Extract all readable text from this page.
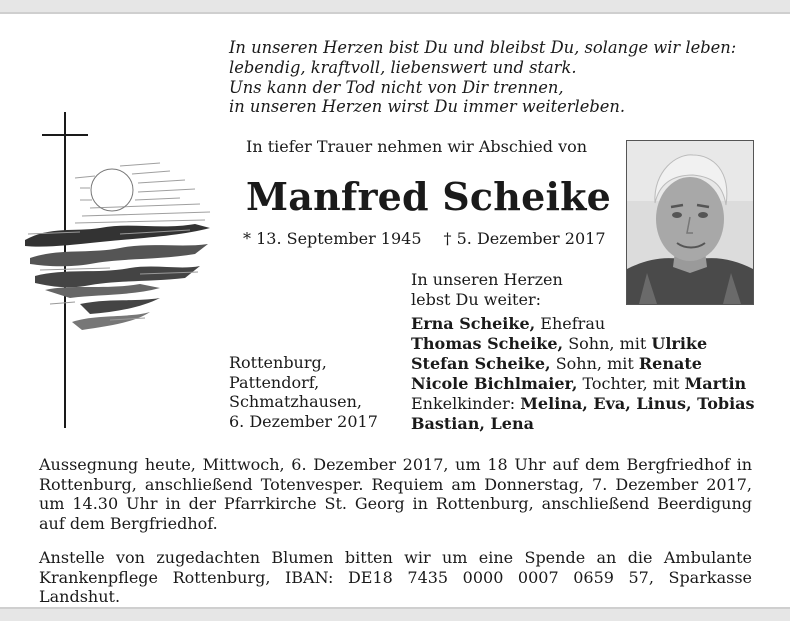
In unseren Herzen bist Du und bleibst Du, solange wir leben:
lebendig, kraftvoll, liebenswert und stark.
Uns kann der Tod nicht von Dir trennen,
in unseren Herzen wirst Du immer weiterleben.
In tiefer Trauer nehmen wir Abschied von
Manfred Scheike
* 13. September 1945 † 5. Dezember 2017
In unseren Herzen
lebst Du weiter:
Erna Scheike, Ehefrau
Thomas Scheike, Sohn, mit Ulrike
Stefan Scheike, Sohn, mit Renate
Nicole Bichlmaier, Tochter, mit Martin
Enkelkinder: Melina, Eva, Linus, Tobias
Bastian, Lena
Rottenburg,
Pattendorf,
Schmatzhausen,
6. Dezember 2017
Aussegnung heute, Mittwoch, 6. Dezember 2017, um 18 Uhr auf dem Bergfriedhof in Rottenburg, anschließend Totenvesper. Requiem am Donnerstag, 7. Dezember 2017, um 14.30 Uhr in der Pfarrkirche St. Georg in Rottenburg, anschließend Beerdigung auf dem Bergfriedhof.
Anstelle von zugedachten Blumen bitten wir um eine Spende an die Ambulante Krankenpflege Rottenburg, IBAN: DE18 7435 0000 0007 0659 57, Sparkasse Landshut.
